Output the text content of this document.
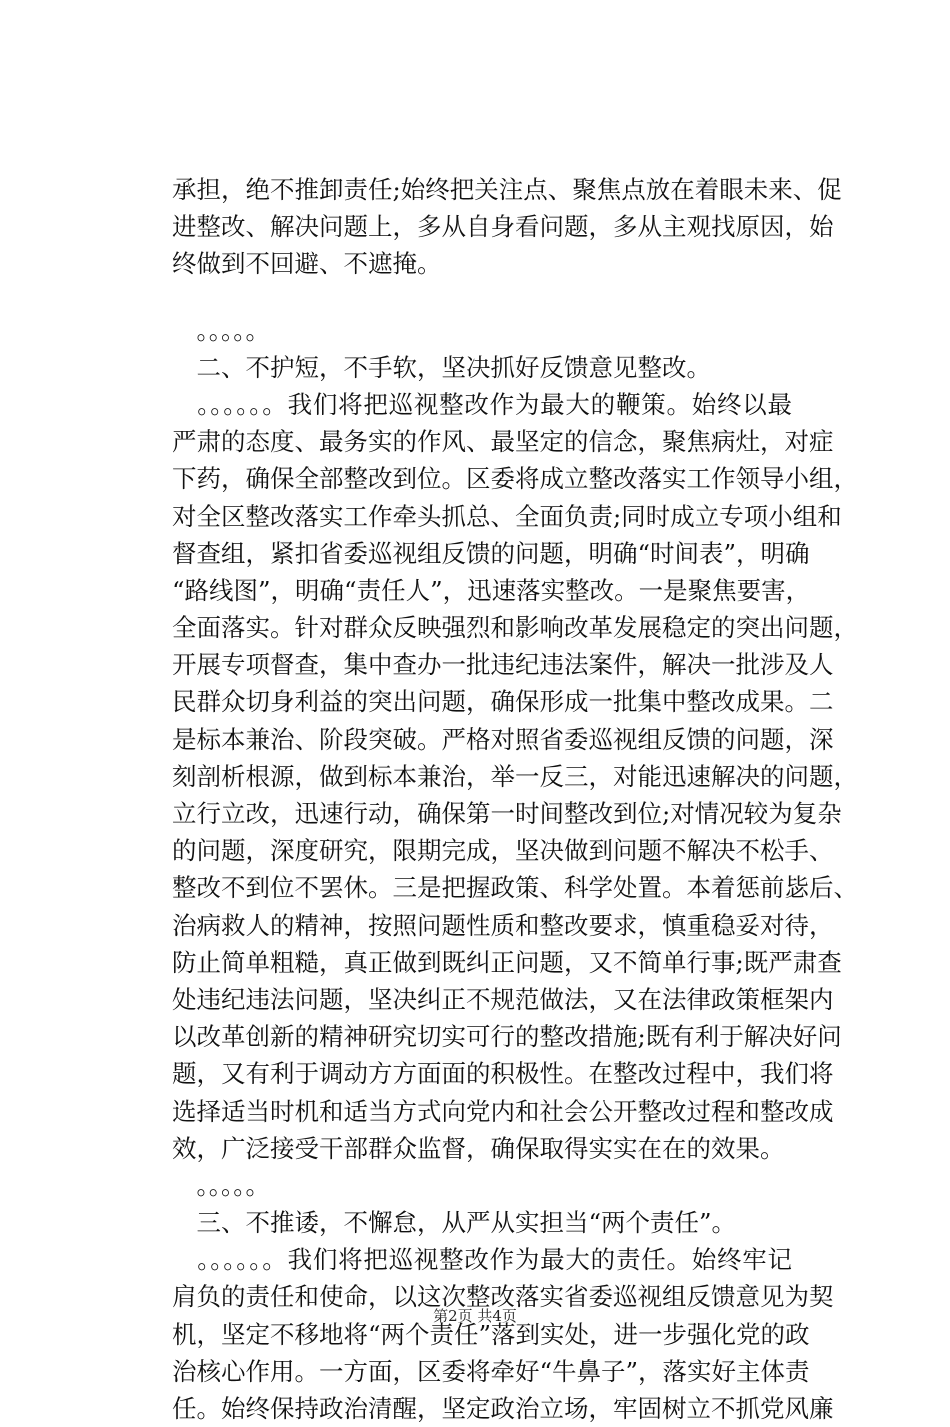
承担，绝不推卸责任;始终把关注点、聚焦点放在着眼未来、促
进整改、解决问题上，多从自身看问题，多从主观找原因，始
终做到不回避、不遮掩。
　。。。。。
　二、不护短，不手软，坚决抓好反馈意见整改。
　。。。。。。我们将把巡视整改作为最大的鞭策。始终以最
严肃的态度、最务实的作风、最坚定的信念，聚焦病灶，对症
下药，确保全部整改到位。区委将成立整改落实工作领导小组，
对全区整改落实工作牵头抓总、全面负责;同时成立专项小组和
督查组，紧扣省委巡视组反馈的问题，明确“时间表”，明确
“路线图”，明确“责任人”，迅速落实整改。一是聚焦要害，
全面落实。针对群众反映强烈和影响改革发展稳定的突出问题，
开展专项督查，集中查办一批违纪违法案件，解决一批涉及人
民群众切身利益的突出问题，确保形成一批集中整改成果。二
是标本兼治、阶段突破。严格对照省委巡视组反馈的问题，深
刻剖析根源，做到标本兼治，举一反三，对能迅速解决的问题，
立行立改，迅速行动，确保第一时间整改到位;对情况较为复杂
的问题，深度研究，限期完成，坚决做到问题不解决不松手、
整改不到位不罢休。三是把握政策、科学处置。本着惩前毖后、
治病救人的精神，按照问题性质和整改要求，慎重稳妥对待，
防止简单粗糙，真正做到既纠正问题，又不简单行事;既严肃查
处违纪违法问题，坚决纠正不规范做法，又在法律政策框架内
以改革创新的精神研究切实可行的整改措施;既有利于解决好问
题，又有利于调动方方面面的积极性。在整改过程中，我们将
选择适当时机和适当方式向党内和社会公开整改过程和整改成
效，广泛接受干部群众监督，确保取得实实在在的效果。
　。。。。。
　三、不推诿，不懈怠，从严从实担当“两个责任”。
　。。。。。。我们将把巡视整改作为最大的责任。始终牢记
肩负的责任和使命，以这次整改落实省委巡视组反馈意见为契
机，坚定不移地将“两个责任”落到实处，进一步强化党的政
治核心作用。一方面，区委将牵好“牛鼻子”，落实好主体责
任。始终保持政治清醒，坚定政治立场，牢固树立不抓党风廉
第2页 共4页
